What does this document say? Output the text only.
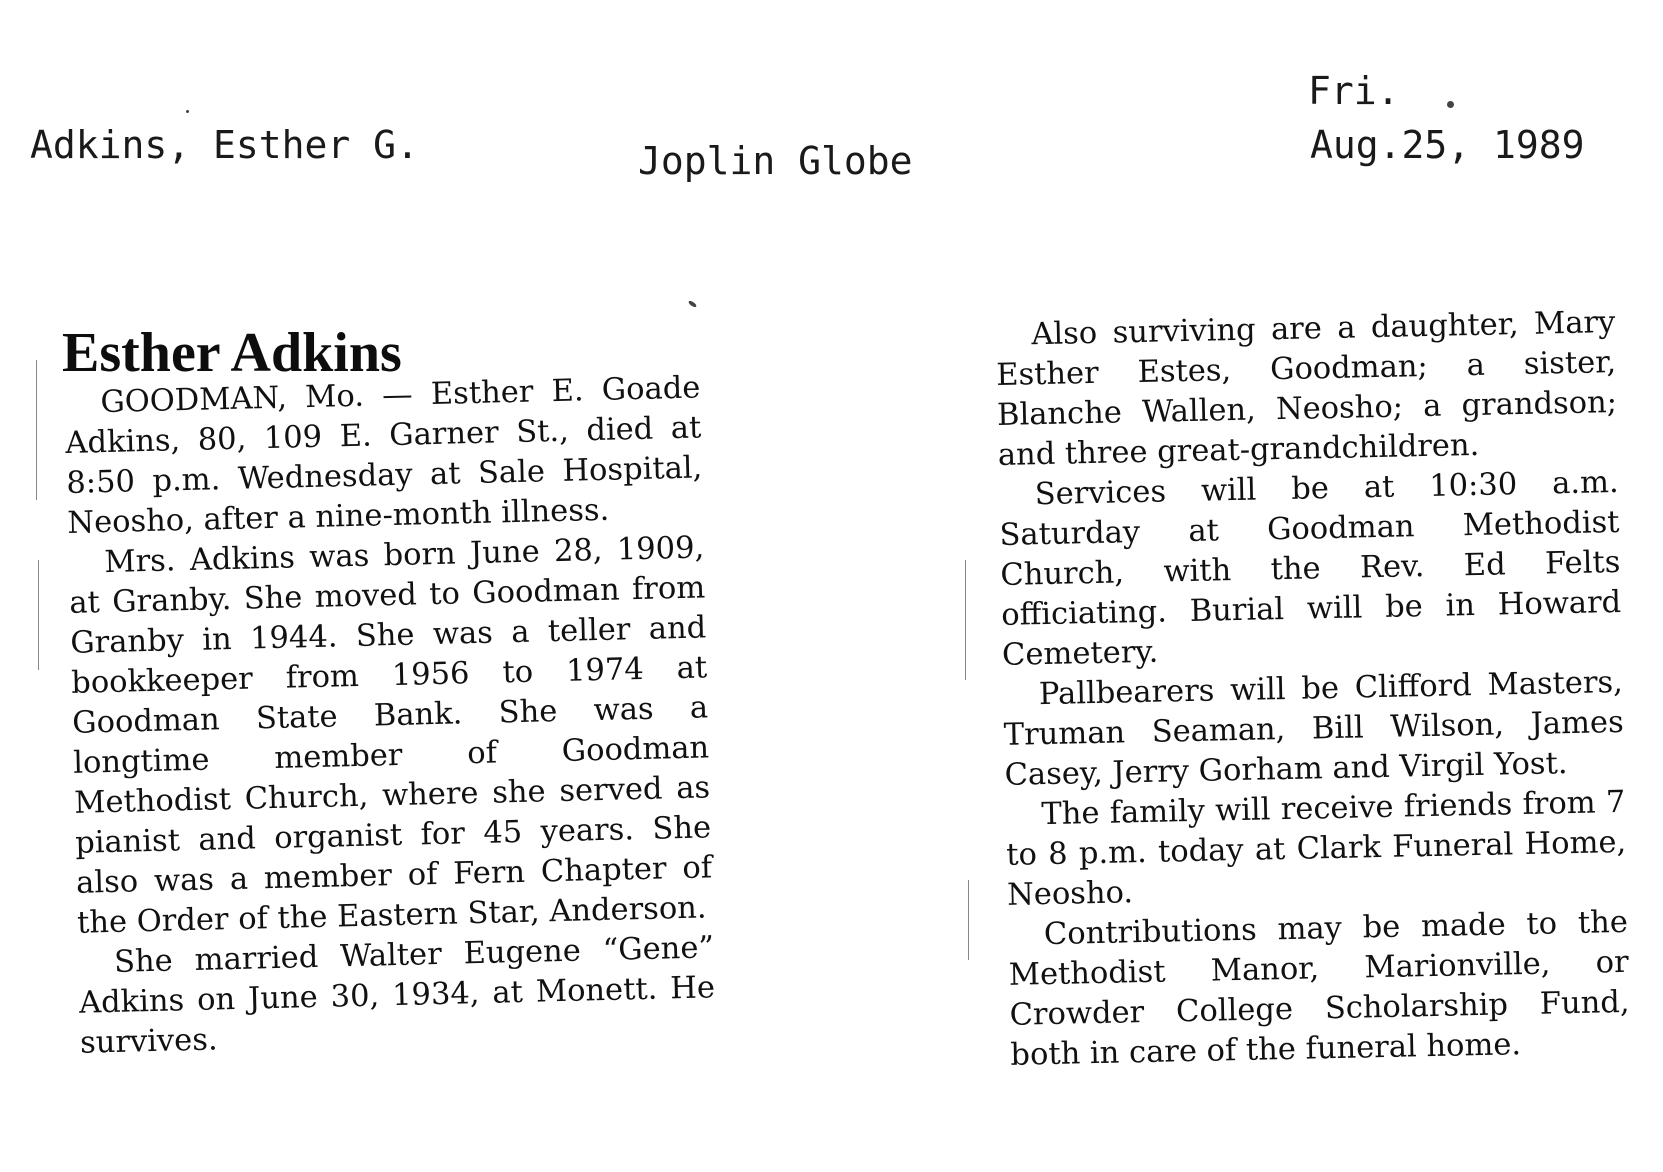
Adkins, Esther G.	Joplin Globe
Fri.
Aug.25, 1989
Esther Adkins

GOODMAN, Mo. — Esther E. Goade Adkins, 80, 109 E. Garner St., died at 8:50 p.m. Wednesday at Sale Hospital, Neosho, after a nine-month illness.

Mrs. Adkins was born June 28, 1909, at Granby. She moved to Goodman from Granby in 1944. She was a teller and bookkeeper from 1956 to 1974 at Goodman State Bank. She was a longtime member of Goodman Methodist Church, where she served as pianist and organist for 45 years. She also was a member of Fern Chapter of the Order of the Eastern Star, Anderson.

She married Walter Eugene “Gene” Adkins on June 30, 1934, at Monett. He survives.

Also surviving are a daughter, Mary Esther Estes, Goodman; a sister, Blanche Wallen, Neosho; a grandson; and three great-grandchildren.

Services will be at 10:30 a.m. Saturday at Goodman Methodist Church, with the Rev. Ed Felts officiating. Burial will be in Howard Cemetery.

Pallbearers will be Clifford Masters, Truman Seaman, Bill Wilson, James Casey, Jerry Gorham and Virgil Yost.

The family will receive friends from 7 to 8 p.m. today at Clark Funeral Home, Neosho.

Contributions may be made to the Methodist Manor, Marionville, or Crowder College Scholarship Fund, both in care of the funeral home.
